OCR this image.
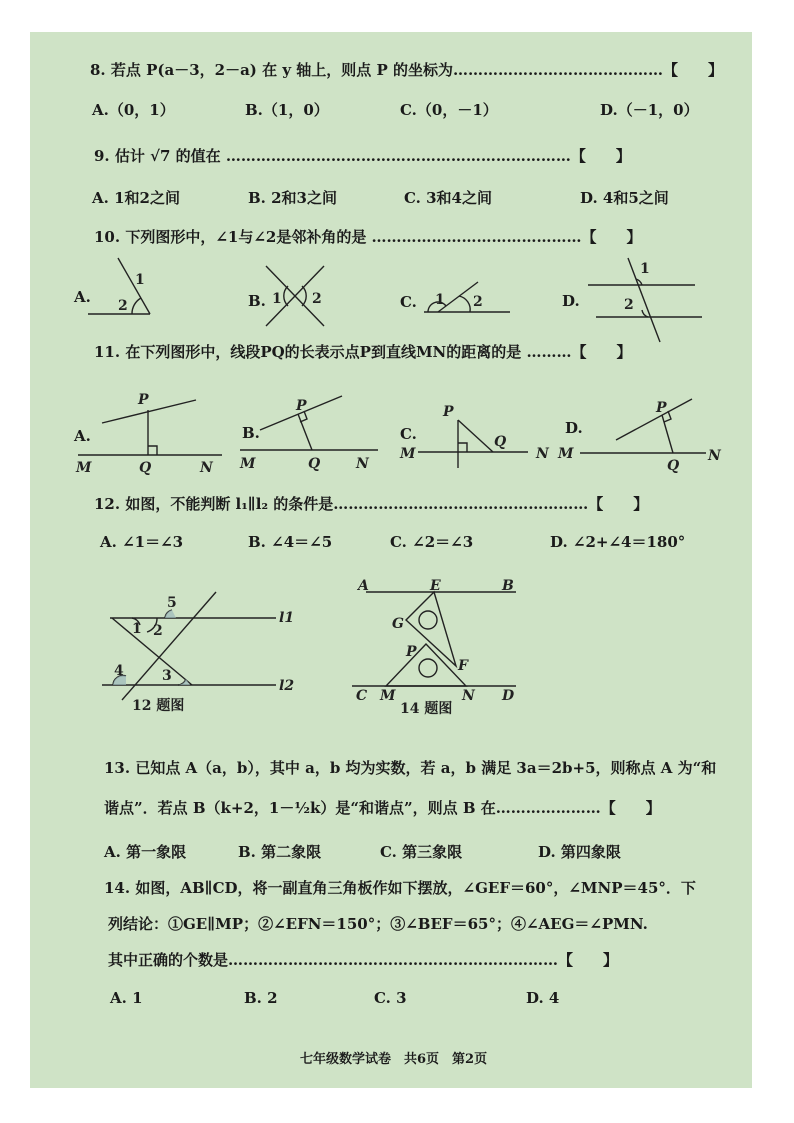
8. 若点 P(a－3，2－a) 在 y 轴上，则点 P 的坐标为……………………………………【　　】
A.（0，1）	B.（1，0）	C.（0，－1）	D.（－1，0）
9. 估计 √7 的值在 ……………………………………………………………【　　】
A. 1和2之间	B. 2和3之间	C. 3和4之间	D. 4和5之间
10. 下列图形中，∠1与∠2是邻补角的是 ……………………………………【　　】
A.	B.	C.	D.
1
2	1 2	1 2
1
2
11. 在下列图形中，线段PQ的长表示点P到直线MN的距离的是 ………【　　】
A.	B.	C.	D.
P
Q
M	N
P
Q
M	N
P
Q
M	N
P
Q
M	N
12. 如图，不能判断 l₁∥l₂ 的条件是……………………………………………【　　】
A. ∠1＝∠3	B. ∠4＝∠5	C. ∠2＝∠3	D. ∠2+∠4＝180°
1 2
3
4
5
l1
l2
12 题图
A	E	B
G
P
F
C M	N D
14 题图
13. 已知点 A（a，b），其中 a，b 均为实数，若 a，b 满足 3a＝2b+5，则称点 A 为“和
谐点”．若点 B（k+2，1－½k）是“和谐点”，则点 B 在…………………【　　】
A. 第一象限	B. 第二象限	C. 第三象限	D. 第四象限
14. 如图，AB∥CD，将一副直角三角板作如下摆放，∠GEF＝60°，∠MNP＝45°．下
列结论：①GE∥MP；②∠EFN＝150°；③∠BEF＝65°；④∠AEG＝∠PMN.
其中正确的个数是…………………………………………………………【　　】
A. 1	B. 2	C. 3	D. 4
七年级数学试卷　共6页　第2页
